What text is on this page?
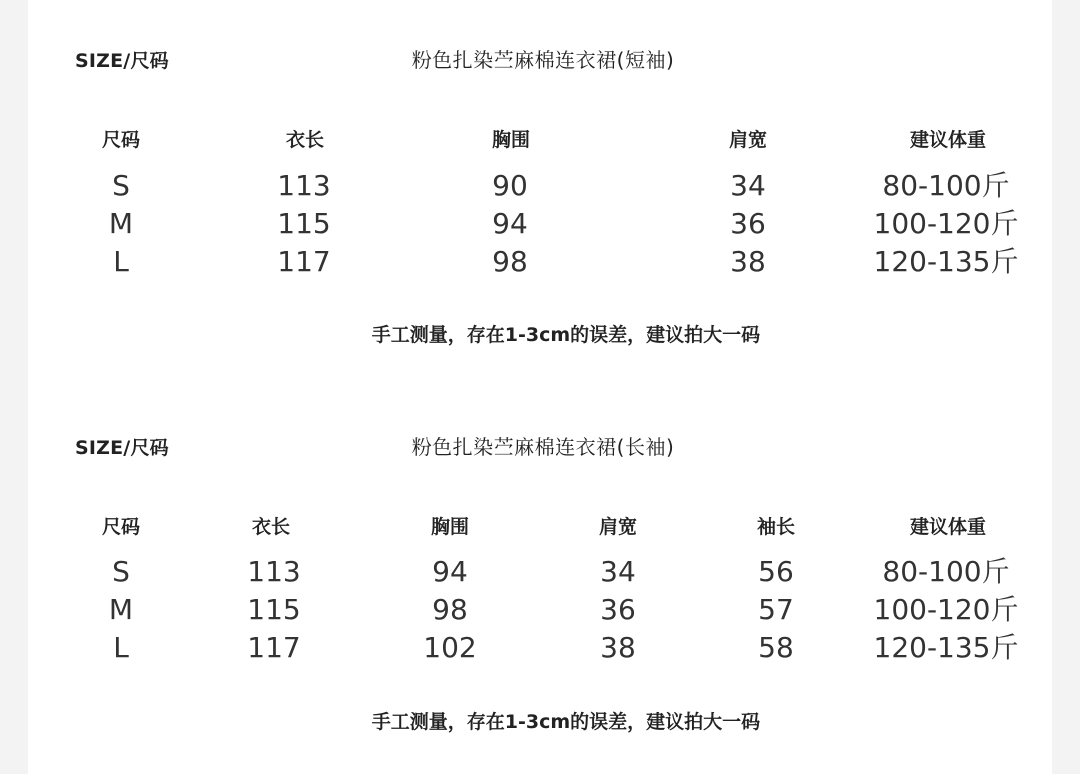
SIZE/尺码	粉色扎染苎麻棉连衣裙(短袖)
尺码	衣长	胸围	肩宽	建议体重
S	113	90	34	80-100斤
M	115	94	36	100-120斤
L	117	98	38	120-135斤
手工测量，存在1-3cm的误差，建议拍大一码
SIZE/尺码	粉色扎染苎麻棉连衣裙(长袖)
尺码	衣长	胸围	肩宽	袖长	建议体重
S	113	94	34	56	80-100斤
M	115	98	36	57	100-120斤
L	117	102	38	58	120-135斤
手工测量，存在1-3cm的误差，建议拍大一码
